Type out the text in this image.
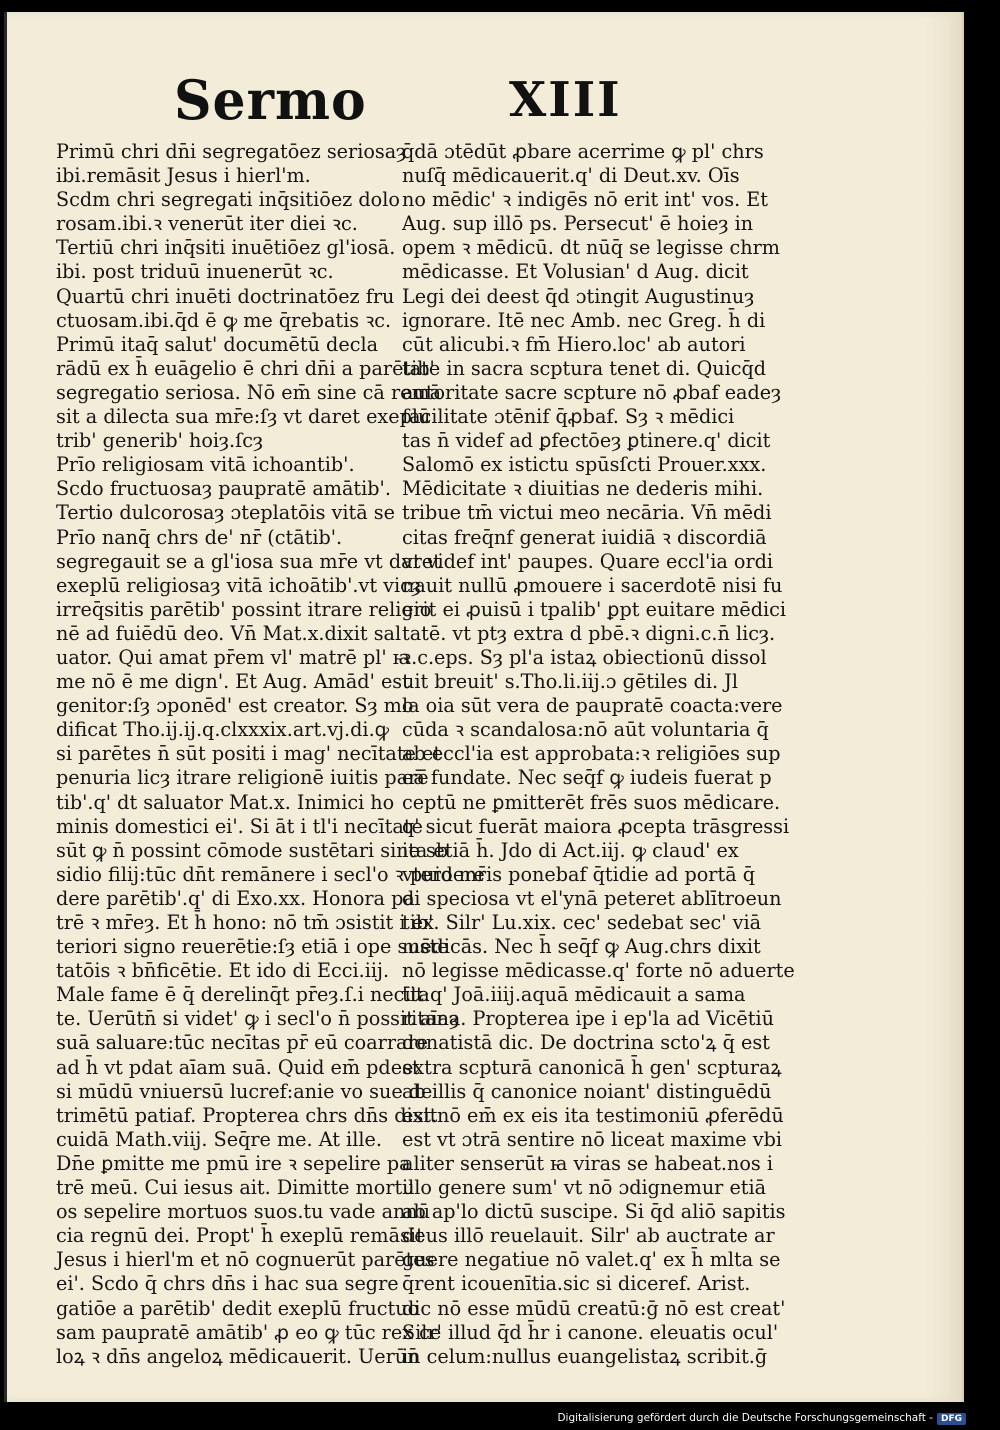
Sermo	XIII
Primū chri dn̄i segregatōez seriosaȝ
ibi.remāsit Jesus i hierl'm.
Scdm chri segregati inq̄sitiōez dolo
rosam.ibi.ꝛ venerūt iter diei ꝛc.
Tertiū chri inq̄siti inuētiōez gl'iosā.
ibi. post triduū inuenerūt ꝛc.
Quartū chri inuēti doctrinatōez fru
ctuosam.ibi.q̄d ē ꝙ me q̄rebatis ꝛc.
Primū itaq̄ salut' documētū decla
rādū ex h̄ euāgelio ē chri dn̄i a parētib'
segregatio seriosa. Nō em̄ sine cā remā
sit a dilecta sua mr̄e:ſȝ vt daret exeplū
trib' generib' hoiȝ.ſcȝ
Prīo religiosam vitā ichoantib'.
Scdo fructuosaȝ paupratē amātib'.
Tertio dulcorosaȝ ɔteplatōis vitā se
Prīo nanq̄ chrs de' nr̄ (ctātib'.
segregauit se a gl'iosa sua mr̄e vt daret
exeplū religiosaȝ vitā ichoātib'.vt vicȝ
irreq̄sitis parētib' possint itrare religio
nē ad fuiēdū deo. Vn̄ Mat.x.dixit sal
uator. Qui amat pr̄em vl' matrē pl' ꙗ
me nō ē me dign'. Et Aug. Amād' est
genitor:ſȝ ɔponēd' est creator. Sȝ mo
dificat Tho.ij.ij.q.clxxxix.art.vj.di.ꝙ
si parētes n̄ sūt positi i mag' necītate et
penuria licȝ itrare religionē iuitis parē
tib'.q' dt saluator Mat.x. Inimici ho
minis domestici ei'. Si āt i tl'i necītate
sūt ꝙ n̄ possint cōmode sustētari sine sb
sidio filij:tūc dn̄t remānere i secl'o ꝛ puidere
dere parētib'.q' di Exo.xx. Honora pa
trē ꝛ mr̄eȝ. Et h̄ hono: nō tm̄ ɔsistit i ex
teriori signo reuerētie:ſȝ etiā i ope suste
tatōis ꝛ bn̄ficētie. Et ido di Ecci.iij.
Male fame ē q̄ derelinq̄t pr̄eȝ.ſ.i necīta
te. Uerūtn̄ si videt' ꝙ i secl'o n̄ possit aīaȝ
suā saluare:tūc necītas pr̄ eū coarrare
ad h̄ vt pdat aīam suā. Quid em̄ pdest
si mūdū vniuersū lucref:anie vo sue de
trimētū patiaf. Propterea chrs dn̄s dixit
cuidā Math.viij. Seq̄re me. At ille.
Dn̄e ꝑmitte me pmū ire ꝛ sepelire pa
trē meū. Cui iesus ait. Dimitte mortu
os sepelire mortuos suos.tu vade annū
cia regnū dei. Propt' h̄ exeplū remāsit
Jesus i hierl'm et nō cognuerūt parētes
ei'. Scdo q̄ chrs dn̄s i hac sua segre
gatiōe a parētib' dedit exeplū fructuo
sam paupratē amātib' ꝓ eo ꝙ tūc rex ce
loꝝ ꝛ dn̄s angeloꝝ mēdicauerit. Uerūn̄
q̄dā ɔtēdūt ꝓbare acerrime ꝙ pl' chrs
nuſq̄ mēdicauerit.q' di Deut.xv. Oīs
no mēdic' ꝛ indigēs nō erit int' vos. Et
Aug. sup illō ps. Persecut' ē hoieȝ in
opem ꝛ mēdicū. dt nūq̄ se legisse chrm
mēdicasse. Et Volusian' d Aug. dicit
Legi dei deest q̄d ɔtingit Augustinuȝ
ignorare. Itē nec Amb. nec Greg. h̄ di
cūt alicubi.ꝛ fm̄ Hiero.loc' ab autori
tate in sacra scptura tenet di. Quicq̄d
autoritate sacre scpture nō ꝓbaf eadeȝ
facilitate ɔtēnif q̄ꝓbaf. Sȝ ꝛ mēdici
tas n̄ videf ad ꝑfectōeȝ ꝑtinere.q' dicit
Salomō ex istictu spūsſcti Prouer.xxx.
Mēdicitate ꝛ diuitias ne dederis mihi.
tribue tm̄ victui meo necāria. Vn̄ mēdi
citas freq̄nf generat iuidiā ꝛ discordiā
vt videf int' paupes. Quare eccl'ia ordi
nauit nullū ꝓmouere i sacerdotē nisi fu
erit ei ꝓuisū i tpalib' ꝑpt euitare mēdici
tatē. vt ptȝ extra d pbē.ꝛ digni.c.n̄ licȝ.
ꝛ.c.eps. Sȝ pl'a istaꝝ obiectionū dissol
uit breuit' s.Tho.li.iij.ɔ gētiles di. Jl
la oia sūt vera de paupratē coacta:vere
cūda ꝛ scandalosa:nō aūt voluntaria q̄
ab eccl'ia est approbata:ꝛ religiōes sup
eā fundate. Nec seq̄f ꝙ iudeis fuerat p
ceptū ne ꝑmitterēt frēs suos mēdicare.
q' sicut fuerāt maiora ꝓcepta trāsgressi
ita etiā h̄. Jdo di Act.iij. ꝙ claud' ex
vtero mr̄is ponebaf q̄tidie ad portā q̄
di speciosa vt el'ynā peteret ablītroeun
tib'. Silr' Lu.xix. cec' sedebat sec' viā
mēdicās. Nec h̄ seq̄f ꝙ Aug.chrs dixit
nō legisse mēdicasse.q' forte nō aduerte
tit:q' Joā.iiij.aquā mēdicauit a sama
ritana. Propterea ipe i ep'la ad Vicētiū
donatistā dic. De doctrina scto'ꝝ q̄ est
extra scpturā canonicā h̄ gen' scpturaꝝ
ab illis q̄ canonice noiant' distinguēdū
est.nō em̄ ex eis ita testimoniū ꝓferēdū
est vt ɔtrā sentire nō liceat maxime vbi
aliter senserūt ꙗ viras se habeat.nos i
illo genere sum' vt nō ɔdignemur etiā
ab ap'lo dictū suscipe. Si q̄d aliō sapitis
deus illō reuelauit. Silr' ab auctrate ar
guere negatiue nō valet.q' ex h̄ mlta se
q̄rent icouenītia.sic si diceref. Arist.
dic nō esse mūdū creatū:ḡ nō est creat'
Silr' illud q̄d h̄r i canone. eleuatis ocul'
in celum:nullus euangelistaꝝ scribit.ḡ
Digitalisierung gefördert durch die Deutsche Forschungsgemeinschaft - DFG
